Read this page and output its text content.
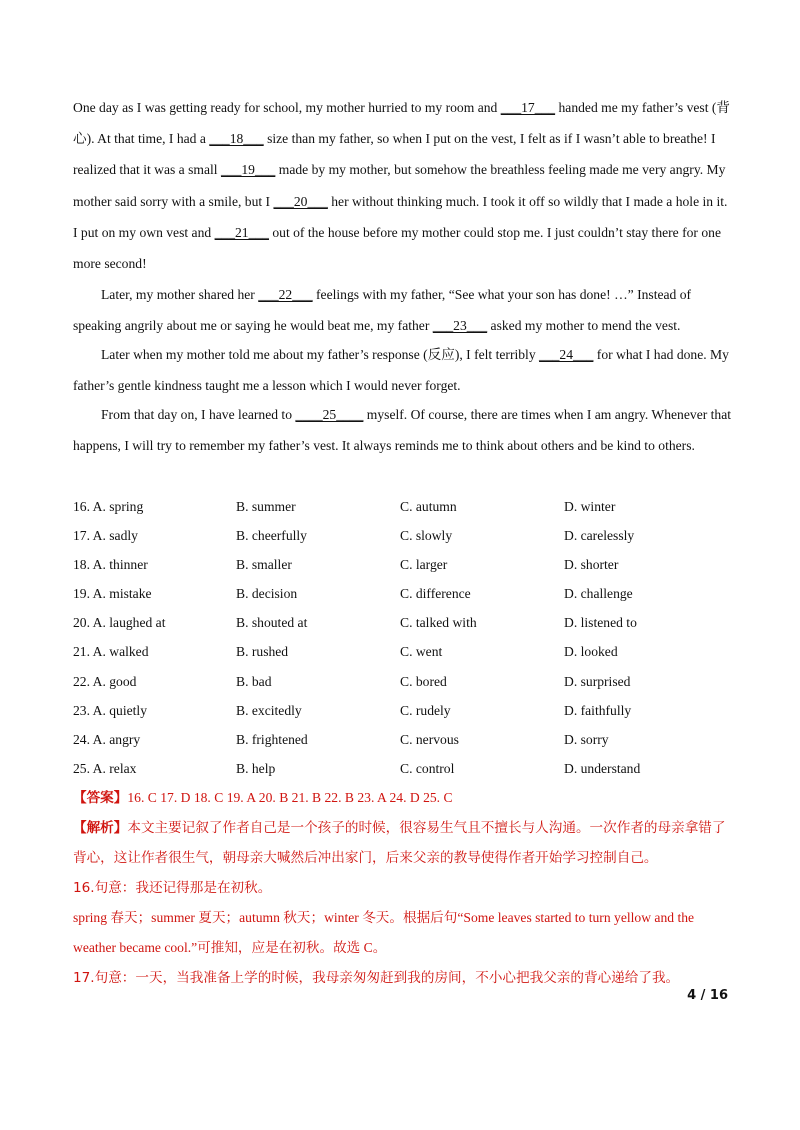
One day as I was getting ready for school, my mother hurried to my room and ___17___ handed me my father’s vest (背心). At that time, I had a ___18___ size than my father, so when I put on the vest, I felt as if I wasn’t able to breathe! I realized that it was a small ___19___ made by my mother, but somehow the breathless feeling made me very angry. My mother said sorry with a smile, but I ___20___ her without thinking much. I took it off so wildly that I made a hole in it. I put on my own vest and ___21___ out of the house before my mother could stop me. I just couldn’t stay there for one more second!
Later, my mother shared her ___22___ feelings with my father, “See what your son has done! …” Instead of speaking angrily about me or saying he would beat me, my father ___23___ asked my mother to mend the vest.
Later when my mother told me about my father’s response (反应), I felt terribly ___24___ for what I had done. My father’s gentle kindness taught me a lesson which I would never forget.
From that day on, I have learned to ____25____ myself. Of course, there are times when I am angry. Whenever that happens, I will try to remember my father’s vest. It always reminds me to think about others and be kind to others.
16. A. spring	B. summer	C. autumn	D. winter
17. A. sadly	B. cheerfully	C. slowly	D. carelessly
18. A. thinner	B. smaller	C. larger	D. shorter
19. A. mistake	B. decision	C. difference	D. challenge
20. A. laughed at	B. shouted at	C. talked with	D. listened to
21. A. walked	B. rushed	C. went	D. looked
22. A. good	B. bad	C. bored	D. surprised
23. A. quietly	B. excitedly	C. rudely	D. faithfully
24. A. angry	B. frightened	C. nervous	D. sorry
25. A. relax	B. help	C. control	D. understand
【答案】16. C 17. D 18. C 19. A 20. B 21. B 22. B 23. A 24. D 25. C
【解析】本文主要记叙了作者自己是一个孩子的时候，很容易生气且不擅长与人沟通。一次作者的母亲拿错了
背心，这让作者很生气，朝母亲大喊然后冲出家门，后来父亲的教导使得作者开始学习控制自己。
16.句意：我还记得那是在初秋。
spring 春天；summer 夏天；autumn 秋天；winter 冬天。根据后句“Some leaves started to turn yellow and the
weather became cool.”可推知，应是在初秋。故选 C。
17.句意：一天，当我准备上学的时候，我母亲匆匆赶到我的房间，不小心把我父亲的背心递给了我。
4 / 16
